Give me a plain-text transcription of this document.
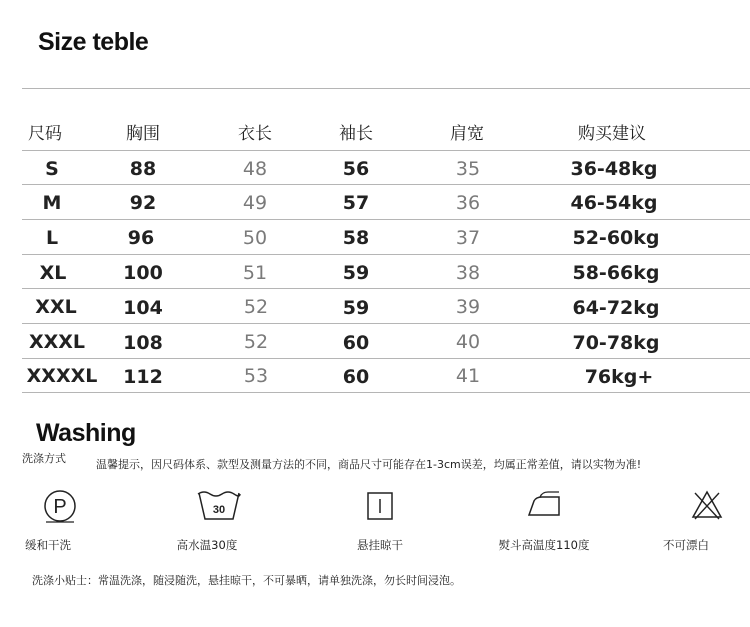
Size teble
尺码	胸围	衣长	袖长	肩宽	购买建议
S	88	48	56	35	36-48kg
M	92	49	57	36	46-54kg
L	96	50	58	37	52-60kg
XL	100	51	59	38	58-66kg
XXL 104	52	59	39	64-72kg
XXXL 108	52	60	40	70-78kg
XXXXL 112	53	60	41	76kg+
Washing
洗涤方式	温馨提示，因尺码体系、款型及测量方法的不同，商品尺寸可能存在1-3cm误差，均属正常差值，请以实物为准!
P
缓和干洗
30
高水温30度	悬挂晾干	熨斗高温度110度	不可漂白
洗涤小贴士：常温洗涤，随浸随洗，悬挂晾干，不可暴晒，请单独洗涤，勿长时间浸泡。
